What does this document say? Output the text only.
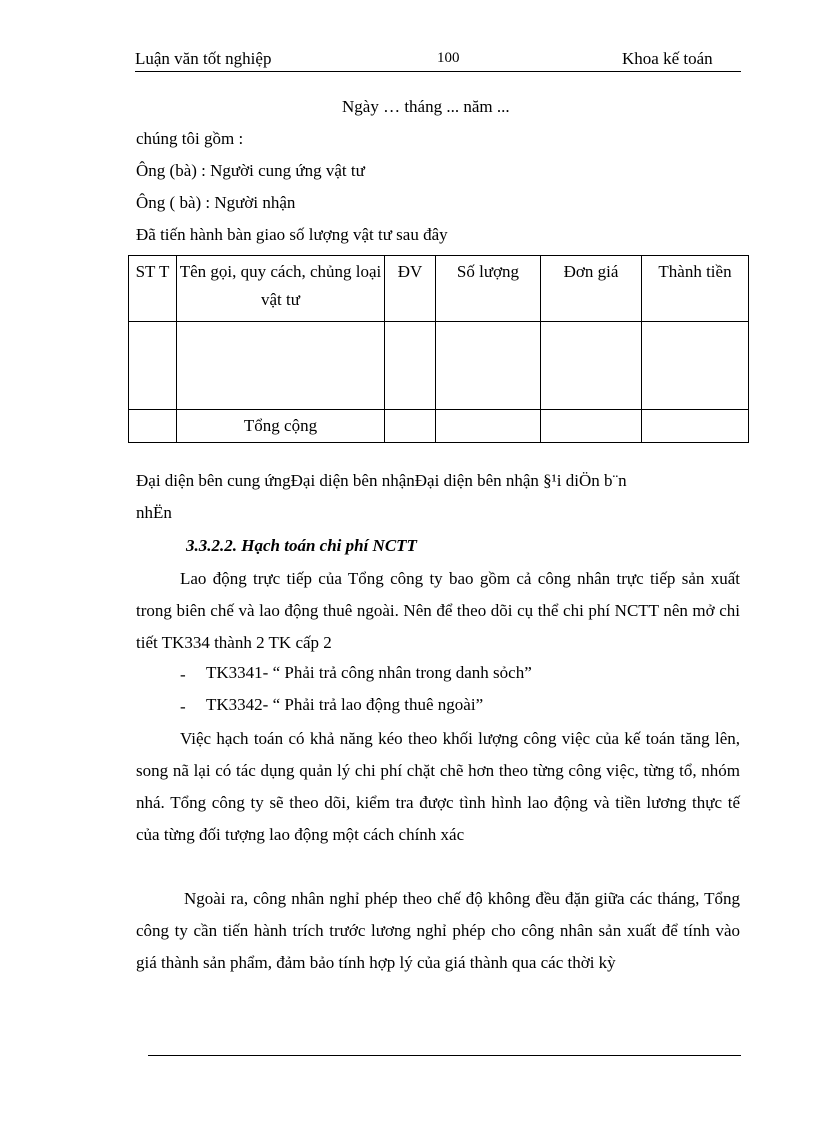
Luận văn tốt nghiệp	100	Khoa kế toán
Ngày … tháng ... năm ...
chúng tôi gồm :
Ông (bà) : Người cung ứng vật tư
Ông ( bà) : Người nhận
Đã tiến hành bàn giao số lượng vật tư sau đây
ST T	Tên gọi, quy cách, chủng loại vật tư	ĐV	Số lượng	Đơn giá	Thành tiền

	Tổng cộng				
Đại diện bên cung ứngĐại diện bên nhậnĐại diện bên nhận §¹i diÖn b¨n
nhËn
3.3.2.2. Hạch toán chi phí NCTT

Lao động trực tiếp của Tổng công ty bao gồm cả công nhân trực tiếp sản xuất trong biên chế và lao động thuê ngoài. Nên để theo dõi cụ thể chi phí NCTT nên mở chi tiết TK334 thành 2 TK cấp 2

- TK3341- “ Phải trả công nhân trong danh sỏch”
- TK3342- “ Phải trả lao động thuê ngoài”

Việc hạch toán có khả năng kéo theo khối lượng công việc của kế toán tăng lên, song nã lại có tác dụng quản lý chi phí chặt chẽ hơn theo từng công việc, từng tổ, nhóm nhá. Tổng công ty sẽ theo dõi, kiểm tra được tình hình lao động và tiền lương thực tế của từng đối tượng lao động một cách chính xác

Ngoài ra, công nhân nghỉ phép theo chế độ không đều đặn giữa các tháng, Tổng công ty cần tiến hành trích trước lương nghỉ phép cho công nhân sản xuất để tính vào giá thành sản phẩm, đảm bảo tính hợp lý của giá thành qua các thời kỳ
